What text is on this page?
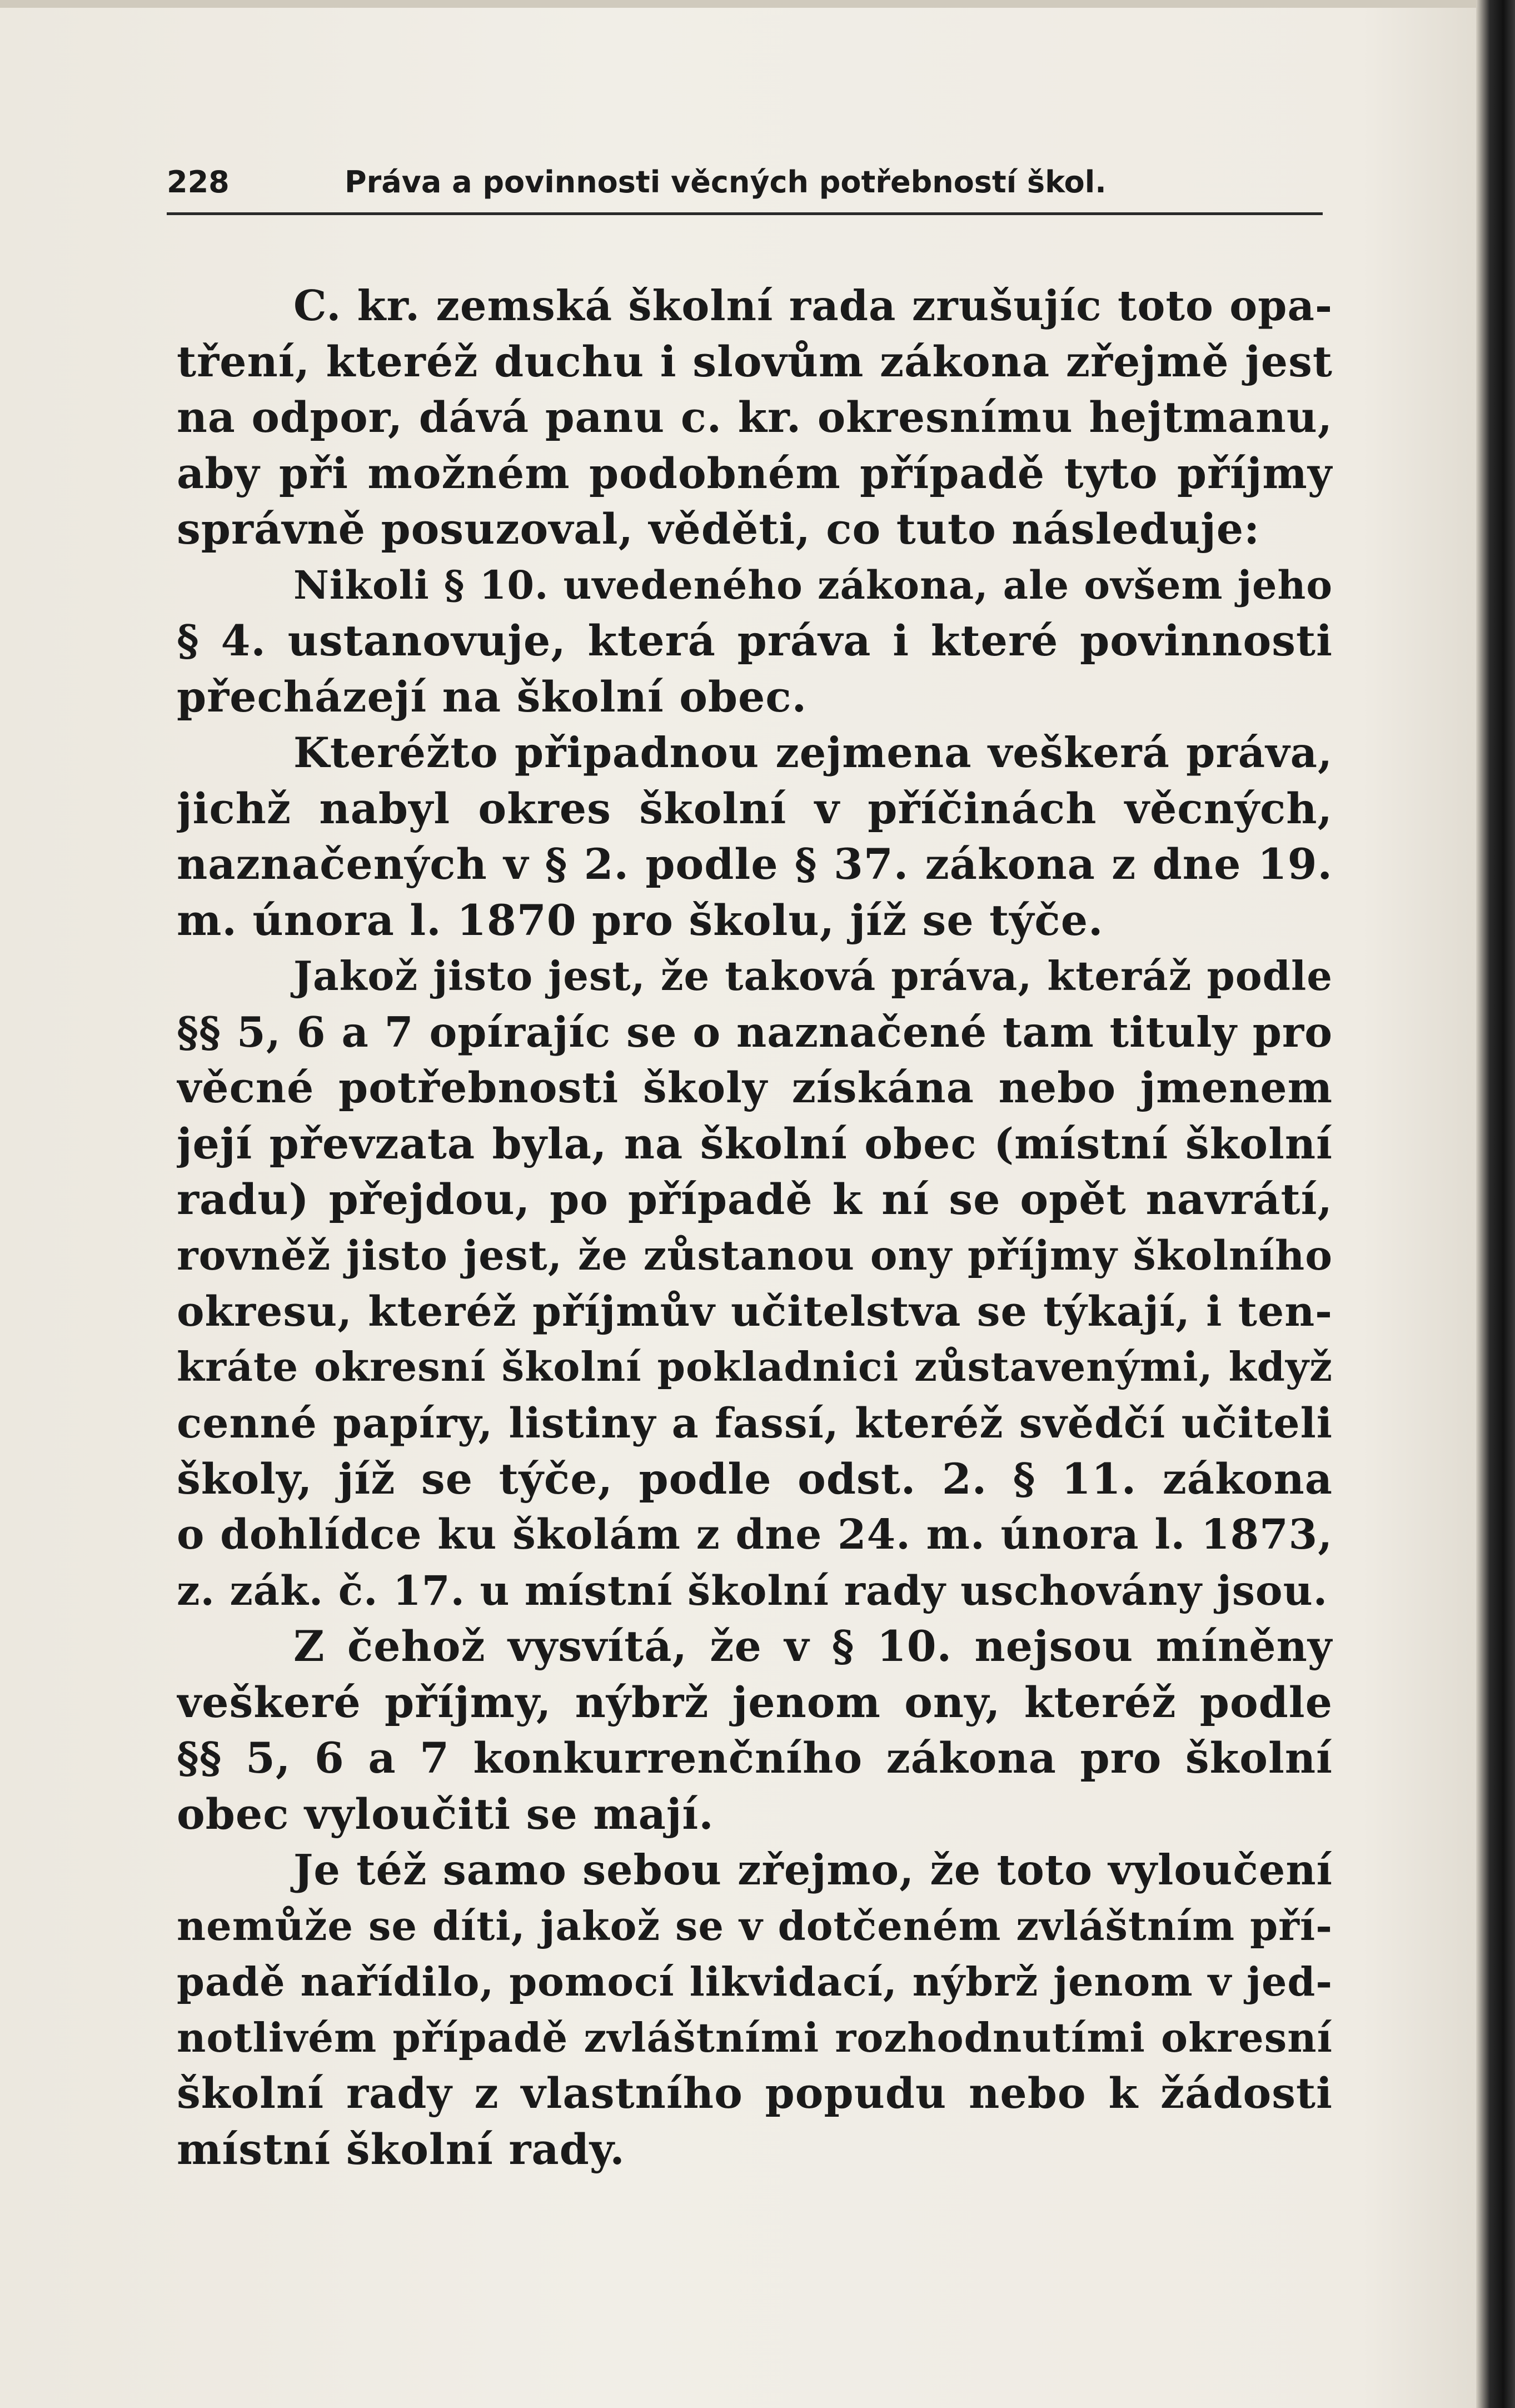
228	Práva a povinnosti věcných potřebností škol.
C. kr. zemská školní rada zrušujíc toto opa-
tření, kteréž duchu i slovům zákona zřejmě jest
na odpor, dává panu c. kr. okresnímu hejtmanu,
aby při možném podobném případě tyto příjmy
správně posuzoval, věděti, co tuto následuje:
Nikoli § 10. uvedeného zákona, ale ovšem jeho
§ 4. ustanovuje, která práva i které povinnosti
přecházejí na školní obec.
Kteréžto připadnou zejmena veškerá práva,
jichž nabyl okres školní v příčinách věcných,
naznačených v § 2. podle § 37. zákona z dne 19.
m. února l. 1870 pro školu, jíž se týče.
Jakož jisto jest, že taková práva, kteráž podle
§§ 5, 6 a 7 opírajíc se o naznačené tam tituly pro
věcné potřebnosti školy získána nebo jmenem
její převzata byla, na školní obec (místní školní
radu) přejdou, po případě k ní se opět navrátí,
rovněž jisto jest, že zůstanou ony příjmy školního
okresu, kteréž příjmův učitelstva se týkají, i ten-
kráte okresní školní pokladnici zůstavenými, když
cenné papíry, listiny a fassí, kteréž svědčí učiteli
školy, jíž se týče, podle odst. 2. § 11. zákona
o dohlídce ku školám z dne 24. m. února l. 1873,
z. zák. č. 17. u místní školní rady uschovány jsou.
Z čehož vysvítá, že v § 10. nejsou míněny
veškeré příjmy, nýbrž jenom ony, kteréž podle
§§ 5, 6 a 7 konkurrenčního zákona pro školní
obec vyloučiti se mají.
Je též samo sebou zřejmo, že toto vyloučení
nemůže se díti, jakož se v dotčeném zvláštním pří-
padě nařídilo, pomocí likvidací, nýbrž jenom v jed-
notlivém případě zvláštními rozhodnutími okresní
školní rady z vlastního popudu nebo k žádosti
místní školní rady.
